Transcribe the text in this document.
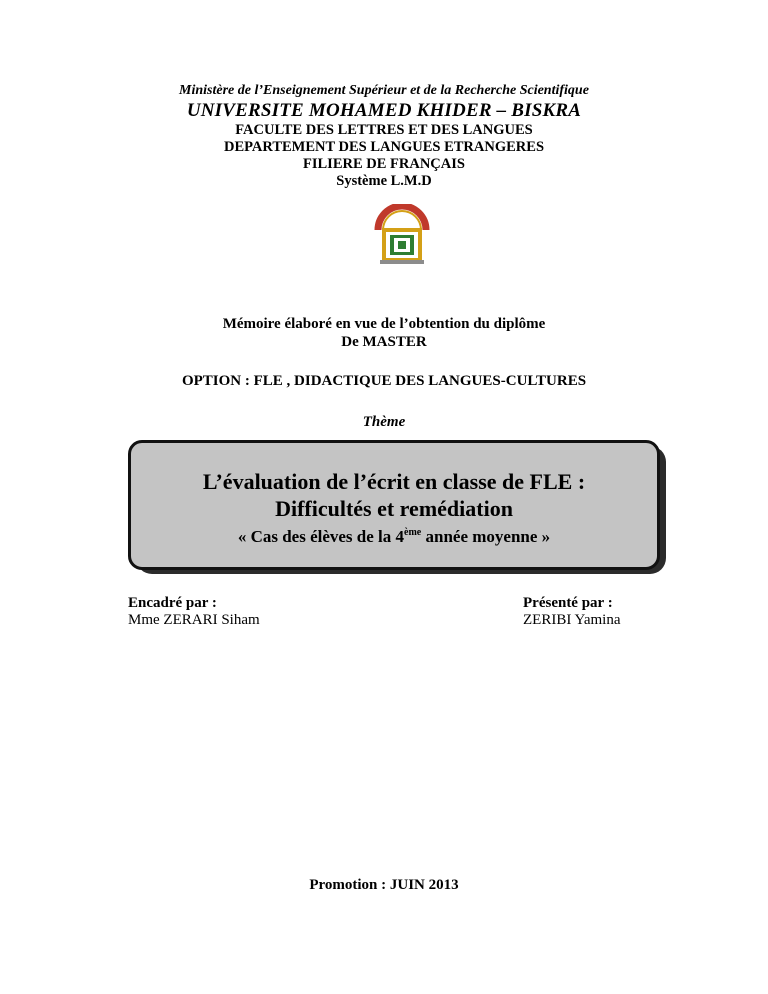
Ministère de l’Enseignement Supérieur et de la Recherche Scientifique
UNIVERSITE MOHAMED KHIDER – BISKRA
FACULTE DES LETTRES ET DES LANGUES
DEPARTEMENT DES LANGUES ETRANGERES
FILIERE DE FRANÇAIS
Système L.M.D
Mémoire élaboré en vue de l’obtention du diplôme
De MASTER
OPTION : FLE , DIDACTIQUE DES LANGUES-CULTURES
Thème
L’évaluation de l’écrit en classe de FLE :
Difficultés et remédiation
« Cas des élèves de la 4ème année moyenne »
Encadré par :
Mme ZERARI Siham
Présenté par :
ZERIBI Yamina
Promotion : JUIN 2013
